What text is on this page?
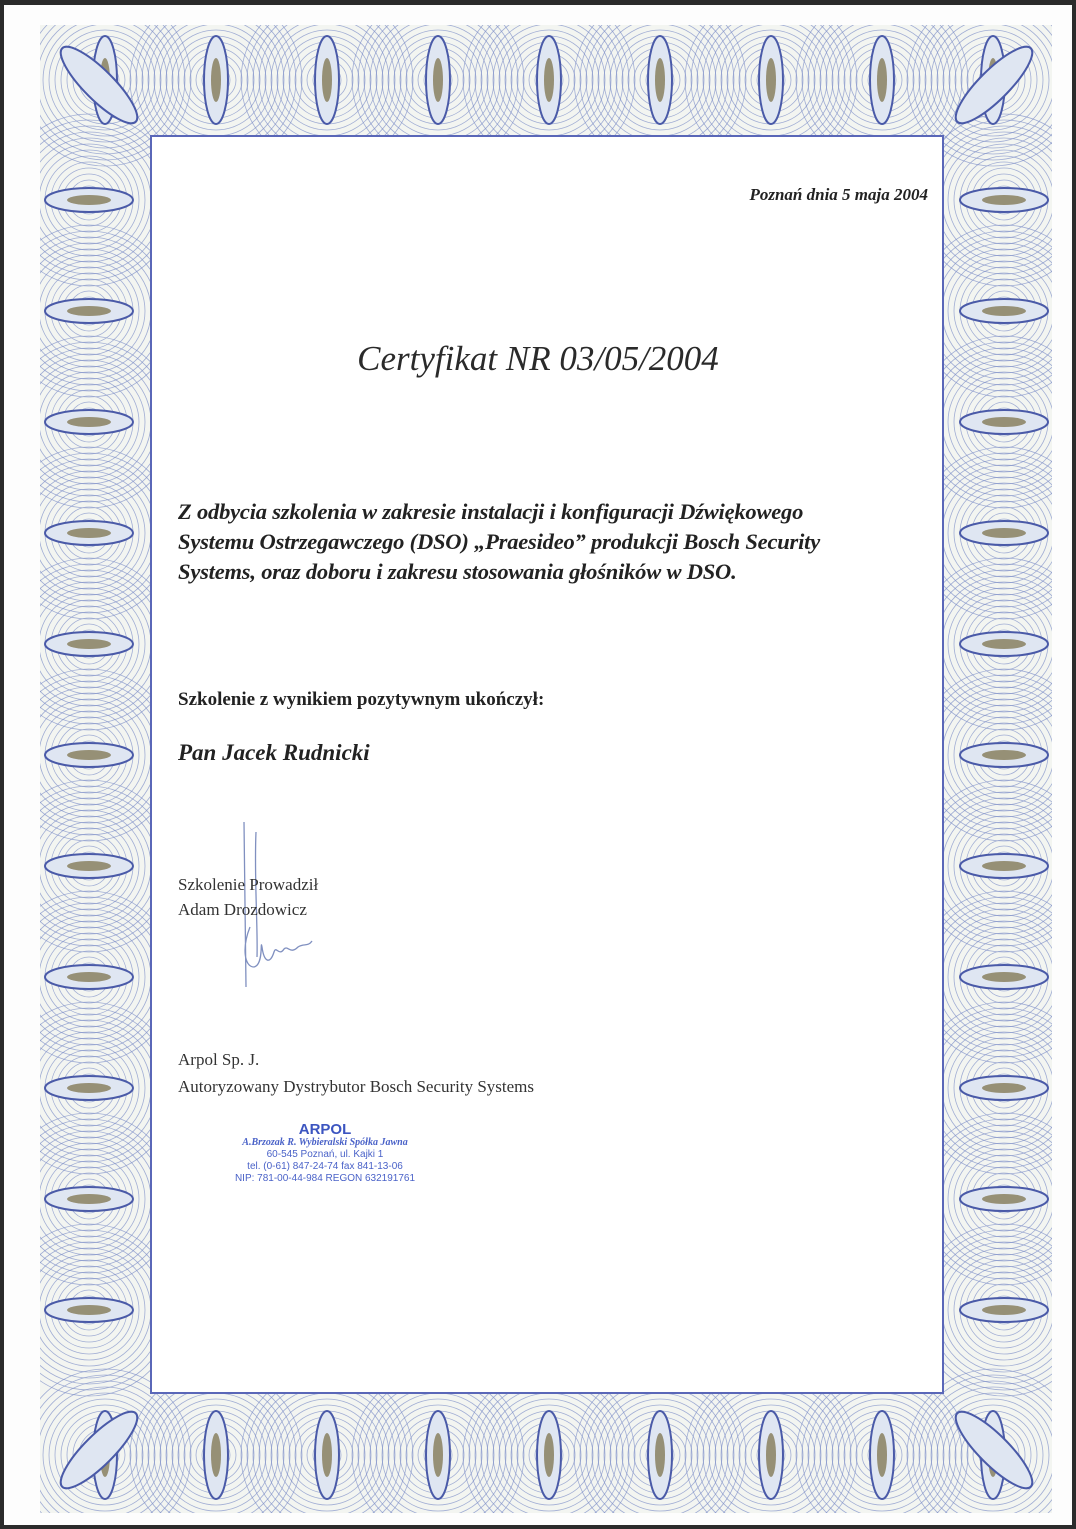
Poznań dnia 5 maja 2004
Certyfikat NR 03/05/2004
Z odbycia szkolenia w zakresie instalacji i konfiguracji Dźwiękowego
Systemu Ostrzegawczego (DSO) „Praesideo” produkcji Bosch Security
Systems, oraz doboru i zakresu stosowania głośników w DSO.
Szkolenie z wynikiem pozytywnym ukończył:
Pan Jacek Rudnicki
Szkolenie Prowadził
Adam Drozdowicz
Arpol Sp. J.
Autoryzowany Dystrybutor Bosch Security Systems
ARPOL
A.Brzozak R. Wybieralski Spółka Jawna
60-545 Poznań, ul. Kajki 1
tel. (0-61) 847-24-74 fax 841-13-06
NIP: 781-00-44-984 REGON 632191761
